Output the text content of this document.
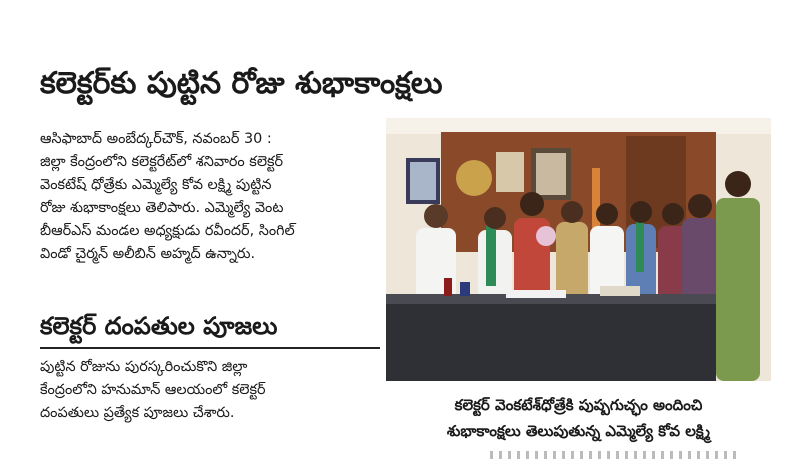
కలెక్టర్‌కు పుట్టిన రోజు శుభాకాంక్షలు
ఆసిఫాబాద్ అంబేద్కర్‌చౌక్, నవంబర్ 30 :
జిల్లా కేంద్రంలోని కలెక్టరేట్‌లో శనివారం కలెక్టర్
వెంకటేష్ ధోత్రేకు ఎమ్మెల్యే కోవ లక్ష్మి పుట్టిన
రోజు శుభాకాంక్షలు తెలిపారు. ఎమ్మెల్యే వెంట
బీఆర్ఎస్ మండల అధ్యక్షుడు రవీందర్, సింగిల్
విండో చైర్మన్ అలీబిన్ అహ్మద్ ఉన్నారు.
కలెక్టర్ దంపతుల పూజలు
పుట్టిన రోజును పురస్కరించుకొని జిల్లా
కేంద్రంలోని హనుమాన్ ఆలయంలో కలెక్టర్
దంపతులు ప్రత్యేక పూజలు చేశారు.	కలెక్టర్ వెంకటేశ్‌ధోత్రేకి పుష్పగుచ్ఛం అందించి
శుభాకాంక్షలు తెలుపుతున్న ఎమ్మెల్యే కోవ లక్ష్మి
